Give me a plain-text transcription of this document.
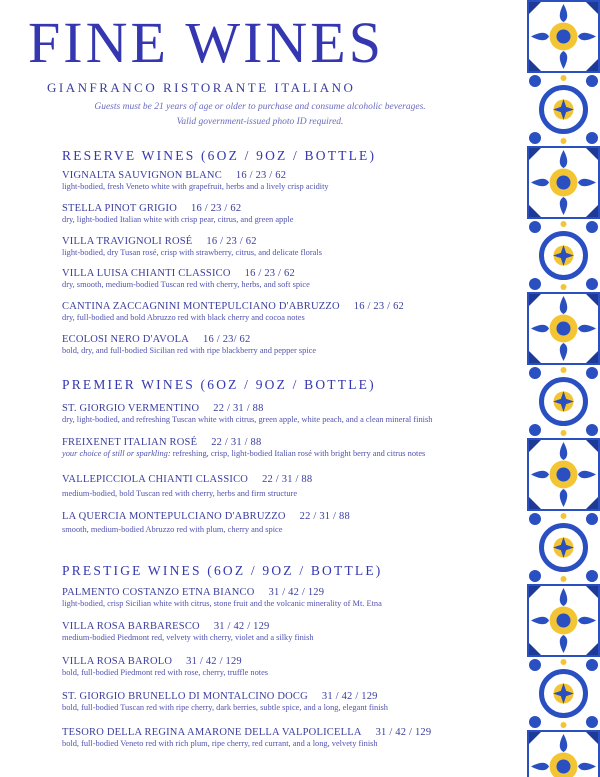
FINE WINES
GIANFRANCO RISTORANTE ITALIANO
Guests must be 21 years of age or older to purchase and consume alcoholic beverages.
Valid government-issued photo ID required.
RESERVE WINES (6OZ / 9OZ / BOTTLE)
VIGNALTA SAUVIGNON BLANC 16 / 23 / 62
light-bodied, fresh Veneto white with grapefruit, herbs and a lively crisp acidity
STELLA PINOT GRIGIO 16 / 23 / 62
dry, light-bodied Italian white with crisp pear, citrus, and green apple
VILLA TRAVIGNOLI ROSÉ 16 / 23 / 62
light-bodied, dry Tusan rosé, crisp with strawberry, citrus, and delicate florals
VILLA LUISA CHIANTI CLASSICO 16 / 23 / 62
dry, smooth, medium-bodied Tuscan red with cherry, herbs, and soft spice
CANTINA ZACCAGNINI MONTEPULCIANO D'ABRUZZO 16 / 23 / 62
dry, full-bodied and bold Abruzzo red with black cherry and cocoa notes
ECOLOSI NERO D'AVOLA 16 / 23/ 62
bold, dry, and full-bodied Sicilian red with ripe blackberry and pepper spice
PREMIER WINES (6OZ / 9OZ / BOTTLE)
ST. GIORGIO VERMENTINO 22 / 31 / 88
dry, light-bodied, and refreshing Tuscan white with citrus, green apple, white peach, and a clean mineral finish
FREIXENET ITALIAN ROSÉ 22 / 31 / 88
your choice of still or sparkling: refreshing, crisp, light-bodied Italian rosé with bright berry and citrus notes
VALLEPICCIOLA CHIANTI CLASSICO 22 / 31 / 88
medium-bodied, bold Tuscan red with cherry, herbs and firm structure
LA QUERCIA MONTEPULCIANO D'ABRUZZO 22 / 31 / 88
smooth, medium-bodied Abruzzo red with plum, cherry and spice
PRESTIGE WINES (6OZ / 9OZ / BOTTLE)
PALMENTO COSTANZO ETNA BIANCO 31 / 42 / 129
light-bodied, crisp Sicilian white with citrus, stone fruit and the volcanic minerality of Mt. Etna
VILLA ROSA BARBARESCO 31 / 42 / 129
medium-bodied Piedmont red, velvety with cherry, violet and a silky finish
VILLA ROSA BAROLO 31 / 42 / 129
bold, full-bodied Piedmont red with rose, cherry, truffle notes
ST. GIORGIO BRUNELLO DI MONTALCINO DOCG 31 / 42 / 129
bold, full-bodied Tuscan red with ripe cherry, dark berries, subtle spice, and a long, elegant finish
TESORO DELLA REGINA AMARONE DELLA VALPOLICELLA 31 / 42 / 129
bold, full-bodied Veneto red with rich plum, ripe cherry, red currant, and a long, velvety finish
